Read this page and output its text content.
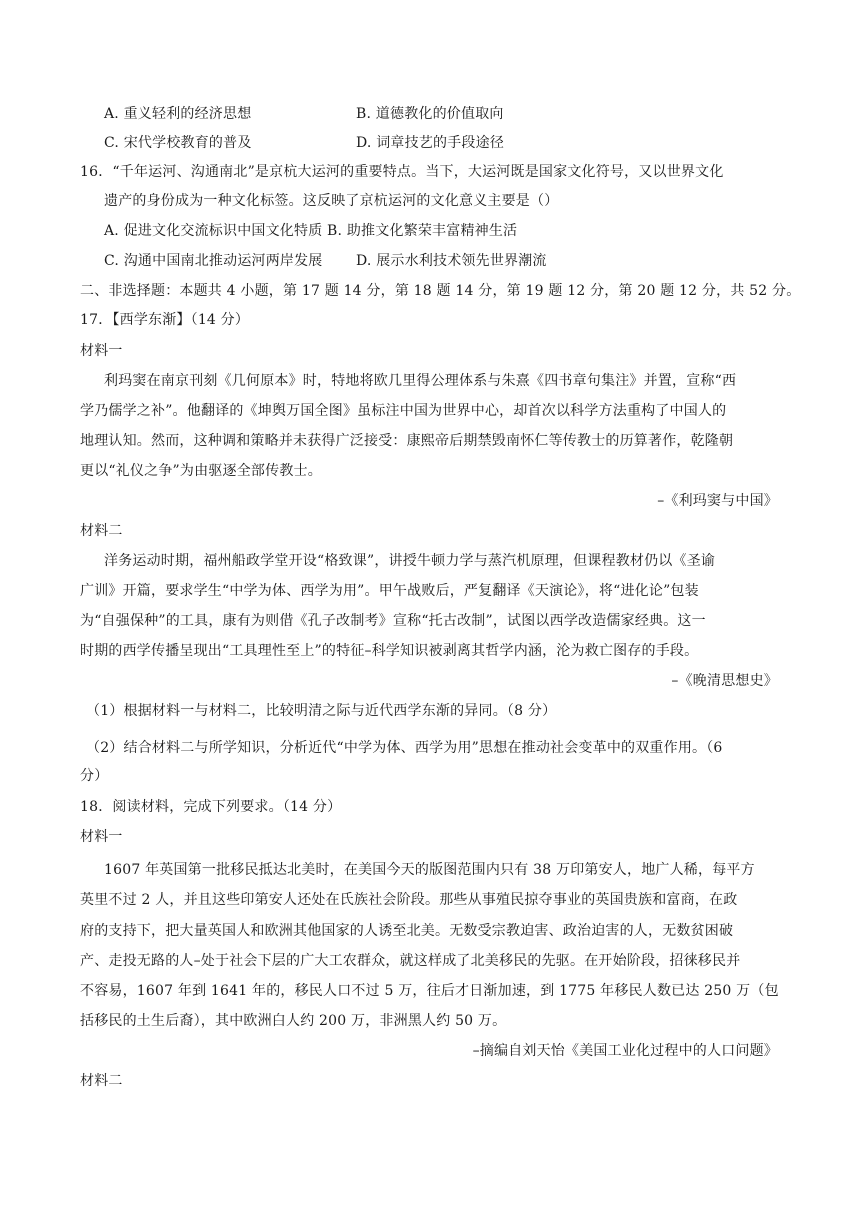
A. 重义轻利的经济思想	B. 道德教化的价值取向
C. 宋代学校教育的普及	D. 词章技艺的手段途径
16．“千年运河、沟通南北”是京杭大运河的重要特点。当下，大运河既是国家文化符号，又以世界文化
遗产的身份成为一种文化标签。这反映了京杭运河的文化意义主要是（）
A. 促进文化交流标识中国文化特质 B. 助推文化繁荣丰富精神生活
C. 沟通中国南北推动运河两岸发展 D. 展示水利技术领先世界潮流
二、非选择题：本题共 4 小题，第 17 题 14 分，第 18 题 14 分，第 19 题 12 分，第 20 题 12 分，共 52 分。
17．【西学东渐】（14 分）
材料一
利玛窦在南京刊刻《几何原本》时，特地将欧几里得公理体系与朱熹《四书章句集注》并置，宣称“西
学乃儒学之补”。他翻译的《坤舆万国全图》虽标注中国为世界中心，却首次以科学方法重构了中国人的
地理认知。然而，这种调和策略并未获得广泛接受：康熙帝后期禁毁南怀仁等传教士的历算著作，乾隆朝
更以“礼仪之争”为由驱逐全部传教士。
–《利玛窦与中国》
材料二
洋务运动时期，福州船政学堂开设“格致课”，讲授牛顿力学与蒸汽机原理，但课程教材仍以《圣谕
广训》开篇，要求学生“中学为体、西学为用”。甲午战败后，严复翻译《天演论》，将“进化论”包装
为“自强保种”的工具，康有为则借《孔子改制考》宣称“托古改制”，试图以西学改造儒家经典。这一
时期的西学传播呈现出“工具理性至上”的特征–科学知识被剥离其哲学内涵，沦为救亡图存的手段。
–《晚清思想史》
（1）根据材料一与材料二，比较明清之际与近代西学东渐的异同。（8 分）
（2）结合材料二与所学知识，分析近代“中学为体、西学为用”思想在推动社会变革中的双重作用。（6
分）
18．阅读材料，完成下列要求。（14 分）
材料一
1607 年英国第一批移民抵达北美时，在美国今天的版图范围内只有 38 万印第安人，地广人稀，每平方
英里不过 2 人，并且这些印第安人还处在氏族社会阶段。那些从事殖民掠夺事业的英国贵族和富商，在政
府的支持下，把大量英国人和欧洲其他国家的人诱至北美。无数受宗教迫害、政治迫害的人，无数贫困破
产、走投无路的人–处于社会下层的广大工农群众，就这样成了北美移民的先驱。在开始阶段，招徕移民并
不容易，1607 年到 1641 年的，移民人口不过 5 万，往后才日渐加速，到 1775 年移民人数已达 250 万（包
括移民的土生后裔），其中欧洲白人约 200 万，非洲黑人约 50 万。
–摘编自刘天怡《美国工业化过程中的人口问题》
材料二
